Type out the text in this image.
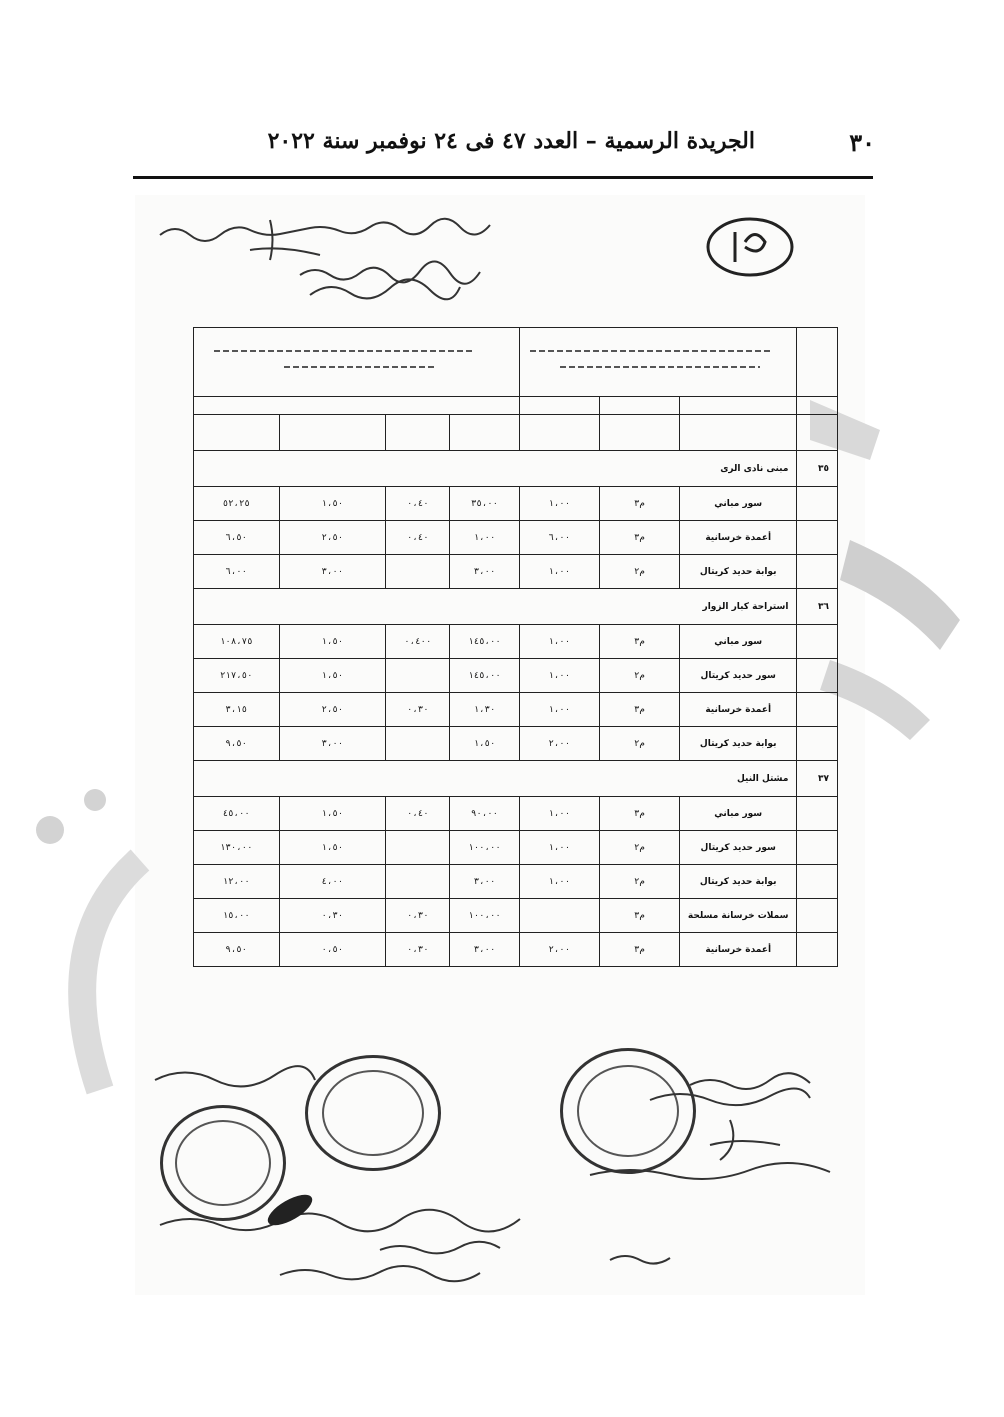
٣٠
الجريدة الرسمية – العدد ٤٧ فى ٢٤ نوفمبر سنة ٢٠٢٢

٣٥	مبنى نادى الرى						
	سور مباني	م٣	١،٠٠	٣٥،٠٠	٠،٤٠	١،٥٠	٥٢،٢٥
	أعمدة خرسانية	م٣	٦،٠٠	١،٠٠	٠،٤٠	٢،٥٠	٦،٥٠
	بوابة حديد كريتال	م٢	١،٠٠	٣،٠٠		٣،٠٠	٦،٠٠
٣٦	استراحة كبار الزوار						
	سور مباني	م٣	١،٠٠	١٤٥،٠٠	٠،٤٠٠	١،٥٠	١٠٨،٧٥
	سور حديد كريتال	م٢	١،٠٠	١٤٥،٠٠		١،٥٠	٢١٧،٥٠
	أعمدة خرسانية	م٣	١،٠٠	١،٣٠	٠،٣٠	٢،٥٠	٣،١٥
	بوابة حديد كريتال	م٢	٢،٠٠	١،٥٠		٣،٠٠	٩،٥٠
٣٧	مشتل النيل						
	سور مباني	م٣	١،٠٠	٩٠،٠٠	٠،٤٠	١،٥٠	٤٥،٠٠
	سور حديد كريتال	م٢	١،٠٠	١٠٠،٠٠		١،٥٠	١٣٠،٠٠
	بوابة حديد كريتال	م٢	١،٠٠	٣،٠٠		٤،٠٠	١٢،٠٠
	سملات خرسانة مسلحة	م٣		١٠٠،٠٠	٠،٣٠	٠،٣٠	١٥،٠٠
	أعمدة خرسانية	م٣	٢،٠٠	٣،٠٠	٠،٣٠	٠،٥٠	٩،٥٠
